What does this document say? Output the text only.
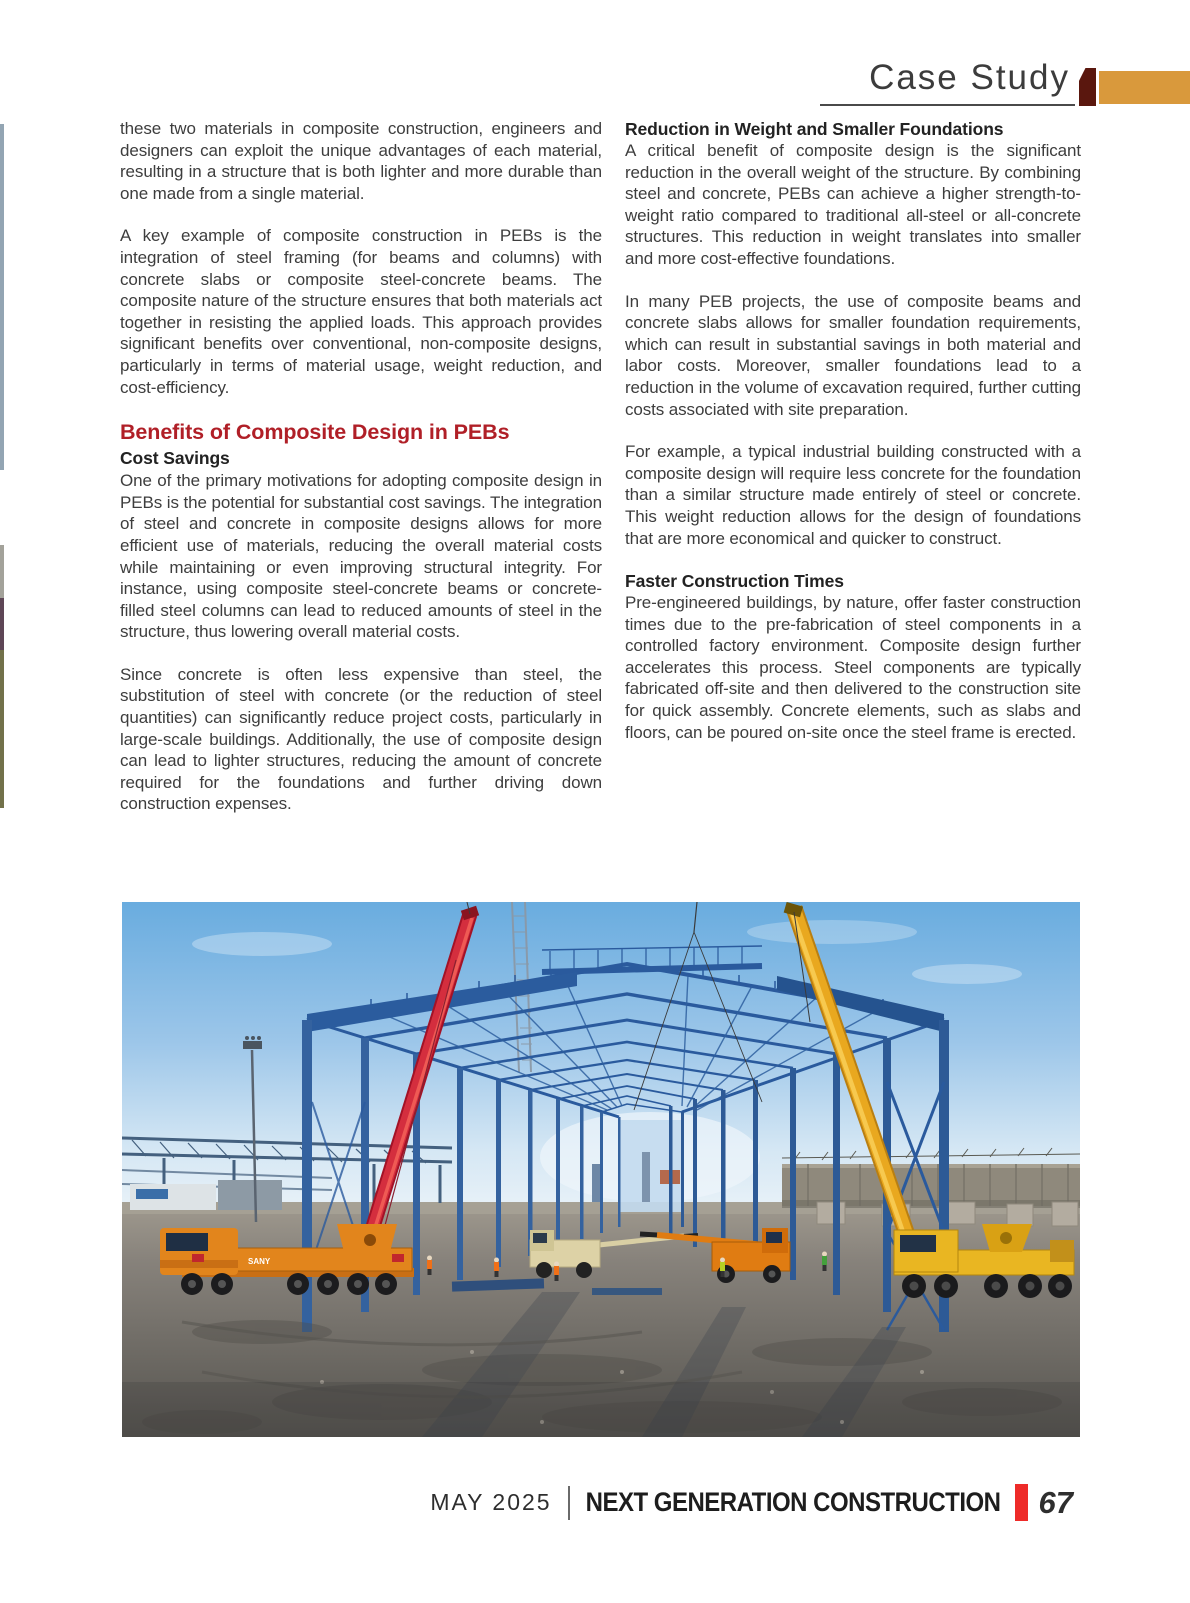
Case Study

these two materials in composite construction, engineers and designers can exploit the unique advantages of each material, resulting in a structure that is both lighter and more durable than one made from a single material.

A key example of composite construction in PEBs is the integration of steel framing (for beams and columns) with concrete slabs or composite steel-concrete beams. The composite nature of the structure ensures that both materials act together in resisting the applied loads. This approach provides significant benefits over conventional, non-composite designs, particularly in terms of material usage, weight reduction, and cost-efficiency.

Benefits of Composite Design in PEBs
Cost Savings

One of the primary motivations for adopting composite design in PEBs is the potential for substantial cost savings. The integration of steel and concrete in composite designs allows for more efficient use of materials, reducing the overall material costs while maintaining or even improving structural integrity. For instance, using composite steel-concrete beams or concrete-filled steel columns can lead to reduced amounts of steel in the structure, thus lowering overall material costs.

Since concrete is often less expensive than steel, the substitution of steel with concrete (or the reduction of steel quantities) can significantly reduce project costs, particularly in large-scale buildings. Additionally, the use of composite design can lead to lighter structures, reducing the amount of concrete required for the foundations and further driving down construction expenses.

Reduction in Weight and Smaller Foundations

A critical benefit of composite design is the significant reduction in the overall weight of the structure. By combining steel and concrete, PEBs can achieve a higher strength-to-weight ratio compared to traditional all-steel or all-concrete structures. This reduction in weight translates into smaller and more cost-effective foundations.

In many PEB projects, the use of composite beams and concrete slabs allows for smaller foundation requirements, which can result in substantial savings in both material and labor costs. Moreover, smaller foundations lead to a reduction in the volume of excavation required, further cutting costs associated with site preparation.

For example, a typical industrial building constructed with a composite design will require less concrete for the foundation than a similar structure made entirely of steel or concrete. This weight reduction allows for the design of foundations that are more economical and quicker to construct.

Faster Construction Times

Pre-engineered buildings, by nature, offer faster construction times due to the pre-fabrication of steel components in a controlled factory environment. Composite design further accelerates this process. Steel components are typically fabricated off-site and then delivered to the construction site for quick assembly. Concrete elements, such as slabs and floors, can be poured on-site once the steel frame is erected.

SANY
MAY 2025 NEXT GENERATION CONSTRUCTION 67
